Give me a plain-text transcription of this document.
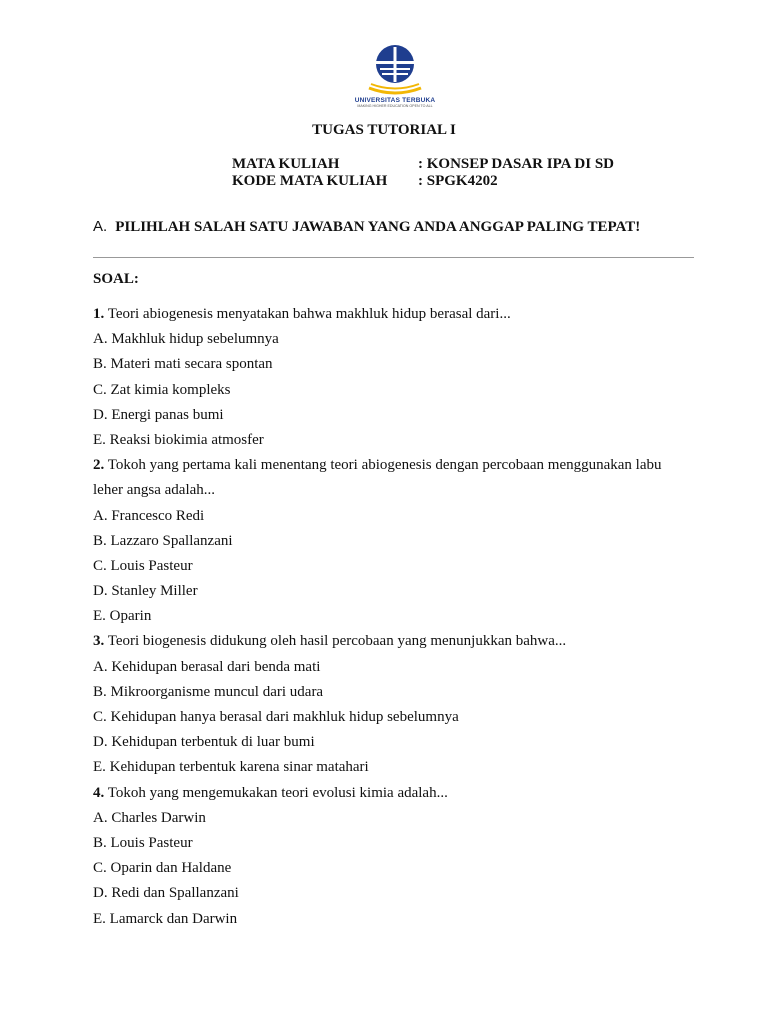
UNIVERSITAS TERBUKA
MAKING HIGHER EDUCATION OPEN TO ALL
TUGAS TUTORIAL I
MATA KULIAH	: KONSEP DASAR IPA DI SD
KODE MATA KULIAH : SPGK4202
A. PILIHLAH SALAH SATU JAWABAN YANG ANDA ANGGAP PALING TEPAT!
SOAL:
1. Teori abiogenesis menyatakan bahwa makhluk hidup berasal dari...
A. Makhluk hidup sebelumnya
B. Materi mati secara spontan
C. Zat kimia kompleks
D. Energi panas bumi
E. Reaksi biokimia atmosfer
2. Tokoh yang pertama kali menentang teori abiogenesis dengan percobaan menggunakan labu
leher angsa adalah...
A. Francesco Redi
B. Lazzaro Spallanzani
C. Louis Pasteur
D. Stanley Miller
E. Oparin
3. Teori biogenesis didukung oleh hasil percobaan yang menunjukkan bahwa...
A. Kehidupan berasal dari benda mati
B. Mikroorganisme muncul dari udara
C. Kehidupan hanya berasal dari makhluk hidup sebelumnya
D. Kehidupan terbentuk di luar bumi
E. Kehidupan terbentuk karena sinar matahari
4. Tokoh yang mengemukakan teori evolusi kimia adalah...
A. Charles Darwin
B. Louis Pasteur
C. Oparin dan Haldane
D. Redi dan Spallanzani
E. Lamarck dan Darwin
